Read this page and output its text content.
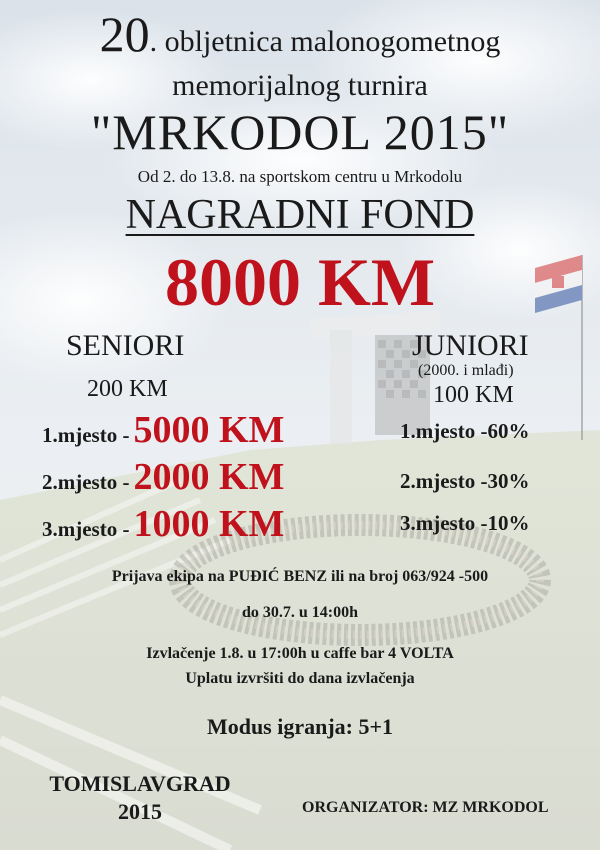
20. obljetnica malonogometnog
memorijalnog turnira
"MRKODOL 2015"
Od 2. do 13.8. na sportskom centru u Mrkodolu
NAGRADNI FOND
8000 KM
SENIORI
200 KM
1.mjesto - 5000 KM
2.mjesto - 2000 KM
3.mjesto - 1000 KM
JUNIORI
(2000. i mlađi)
100 KM
1.mjesto -60%
2.mjesto -30%
3.mjesto -10%
Prijava ekipa na PUĐIĆ BENZ ili na broj 063/924 -500
do 30.7. u 14:00h
Izvlačenje 1.8. u 17:00h u caffe bar 4 VOLTA
Uplatu izvršiti do dana izvlačenja
Modus igranja: 5+1
TOMISLAVGRAD
2015	ORGANIZATOR: MZ MRKODOL
